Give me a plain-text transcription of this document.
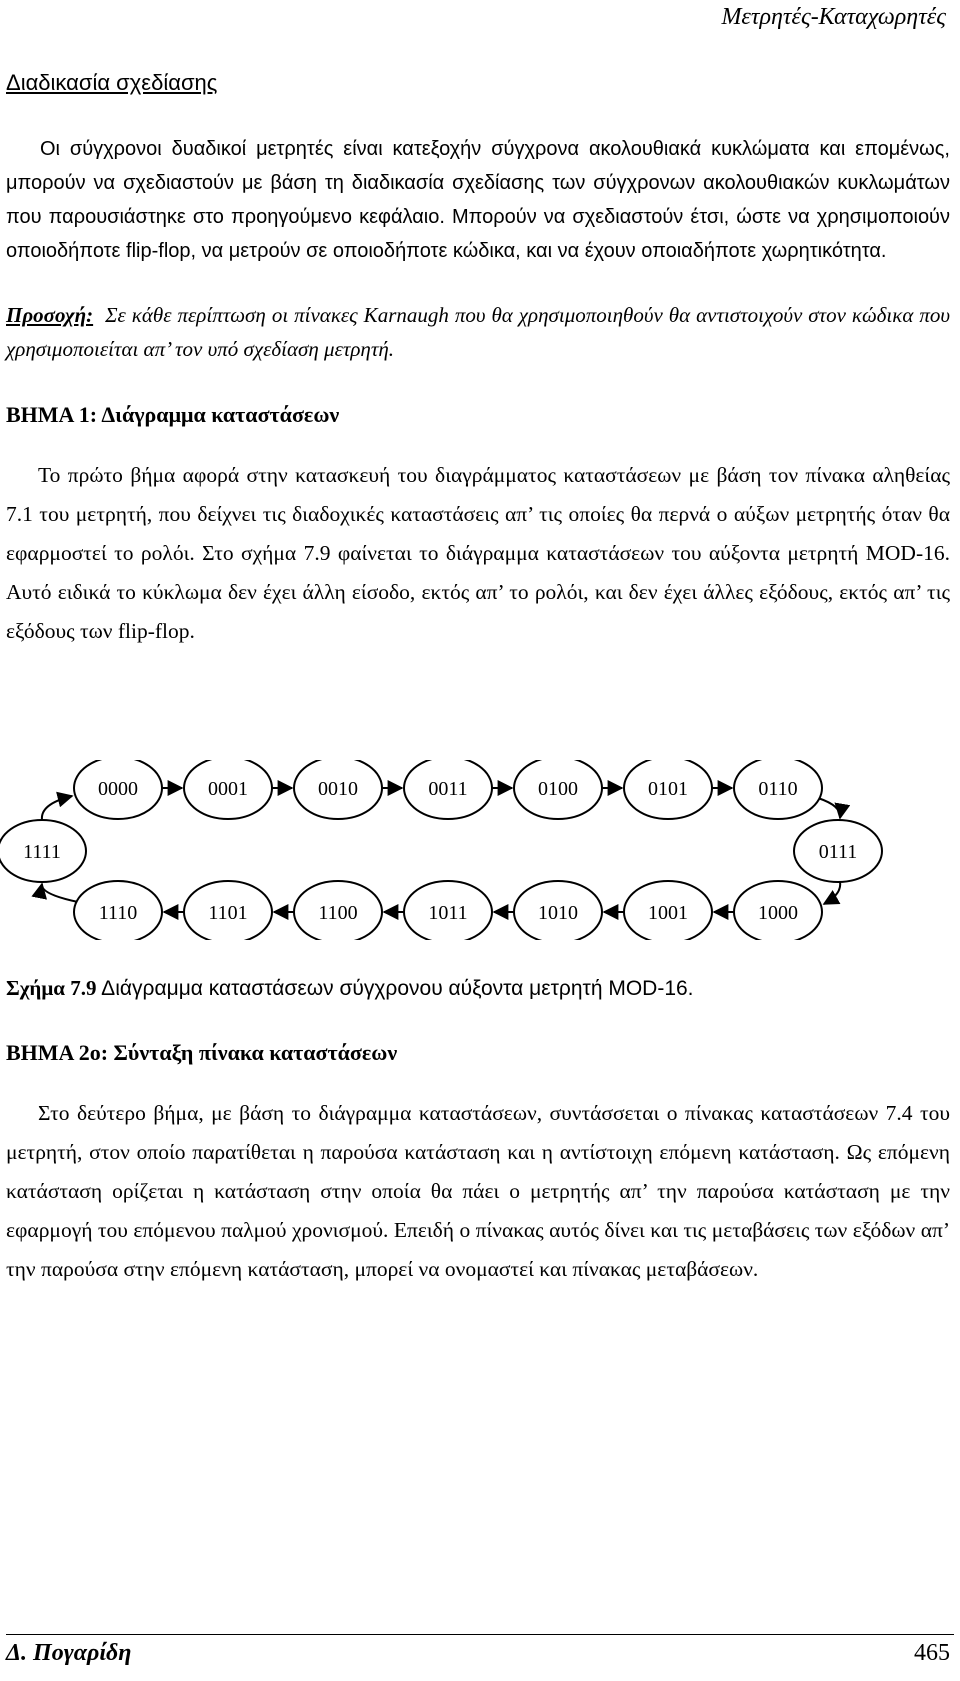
Μετρητές-Καταχωρητές
Διαδικασία σχεδίασης

Οι σύγχρονοι δυαδικοί μετρητές είναι κατεξοχήν σύγχρονα ακολουθιακά κυκλώματα και επομένως, μπορούν να σχεδιαστούν με βάση τη διαδικασία σχεδίασης των σύγχρονων ακολουθιακών κυκλωμάτων που παρουσιάστηκε στο προηγούμενο κεφάλαιο. Μπορούν να σχεδιαστούν έτσι, ώστε να χρησιμοποιούν οποιοδήποτε flip-flop, να μετρούν σε οποιοδήποτε κώδικα, και να έχουν οποιαδήποτε χωρητικότητα.

Προσοχή: Σε κάθε περίπτωση οι πίνακες Karnaugh που θα χρησιμοποιηθούν θα αντιστοιχούν στον κώδικα που χρησιμοποιείται απ’ τον υπό σχεδίαση μετρητή.

ΒΗΜΑ 1: Διάγραμμα καταστάσεων

Το πρώτο βήμα αφορά στην κατασκευή του διαγράμματος καταστάσεων με βάση τον πίνακα αληθείας 7.1 του μετρητή, που δείχνει τις διαδοχικές καταστάσεις απ’ τις οποίες θα περνά ο αύξων μετρητής όταν θα εφαρμοστεί το ρολόι. Στο σχήμα 7.9 φαίνεται το διάγραμμα καταστάσεων του αύξοντα μετρητή MOD-16. Αυτό ειδικά το κύκλωμα δεν έχει άλλη είσοδο, εκτός απ’ το ρολόι, και δεν έχει άλλες εξόδους, εκτός απ’ τις εξόδους των flip-flop.

0000	0001	0010	0011	0100	0101	0110
0111
1110	1101	1100	1011	1010	1001	1000
1111
Σχήμα 7.9 Διάγραμμα καταστάσεων σύγχρονου αύξοντα μετρητή MOD-16.
ΒΗΜΑ 2ο: Σύνταξη πίνακα καταστάσεων

Στο δεύτερο βήμα, με βάση το διάγραμμα καταστάσεων, συντάσσεται ο πίνακας καταστάσεων 7.4 του μετρητή, στον οποίο παρατίθεται η παρούσα κατάσταση και η αντίστοιχη επόμενη κατάσταση. Ως επόμενη κατάσταση ορίζεται η κατάσταση στην οποία θα πάει ο μετρητής απ’ την παρούσα κατάσταση με την εφαρμογή του επόμενου παλμού χρονισμού. Επειδή ο πίνακας αυτός δίνει και τις μεταβάσεις των εξόδων απ’ την παρούσα στην επόμενη κατάσταση, μπορεί να ονομαστεί και πίνακας μεταβάσεων.

Δ. Πογαρίδη	465
